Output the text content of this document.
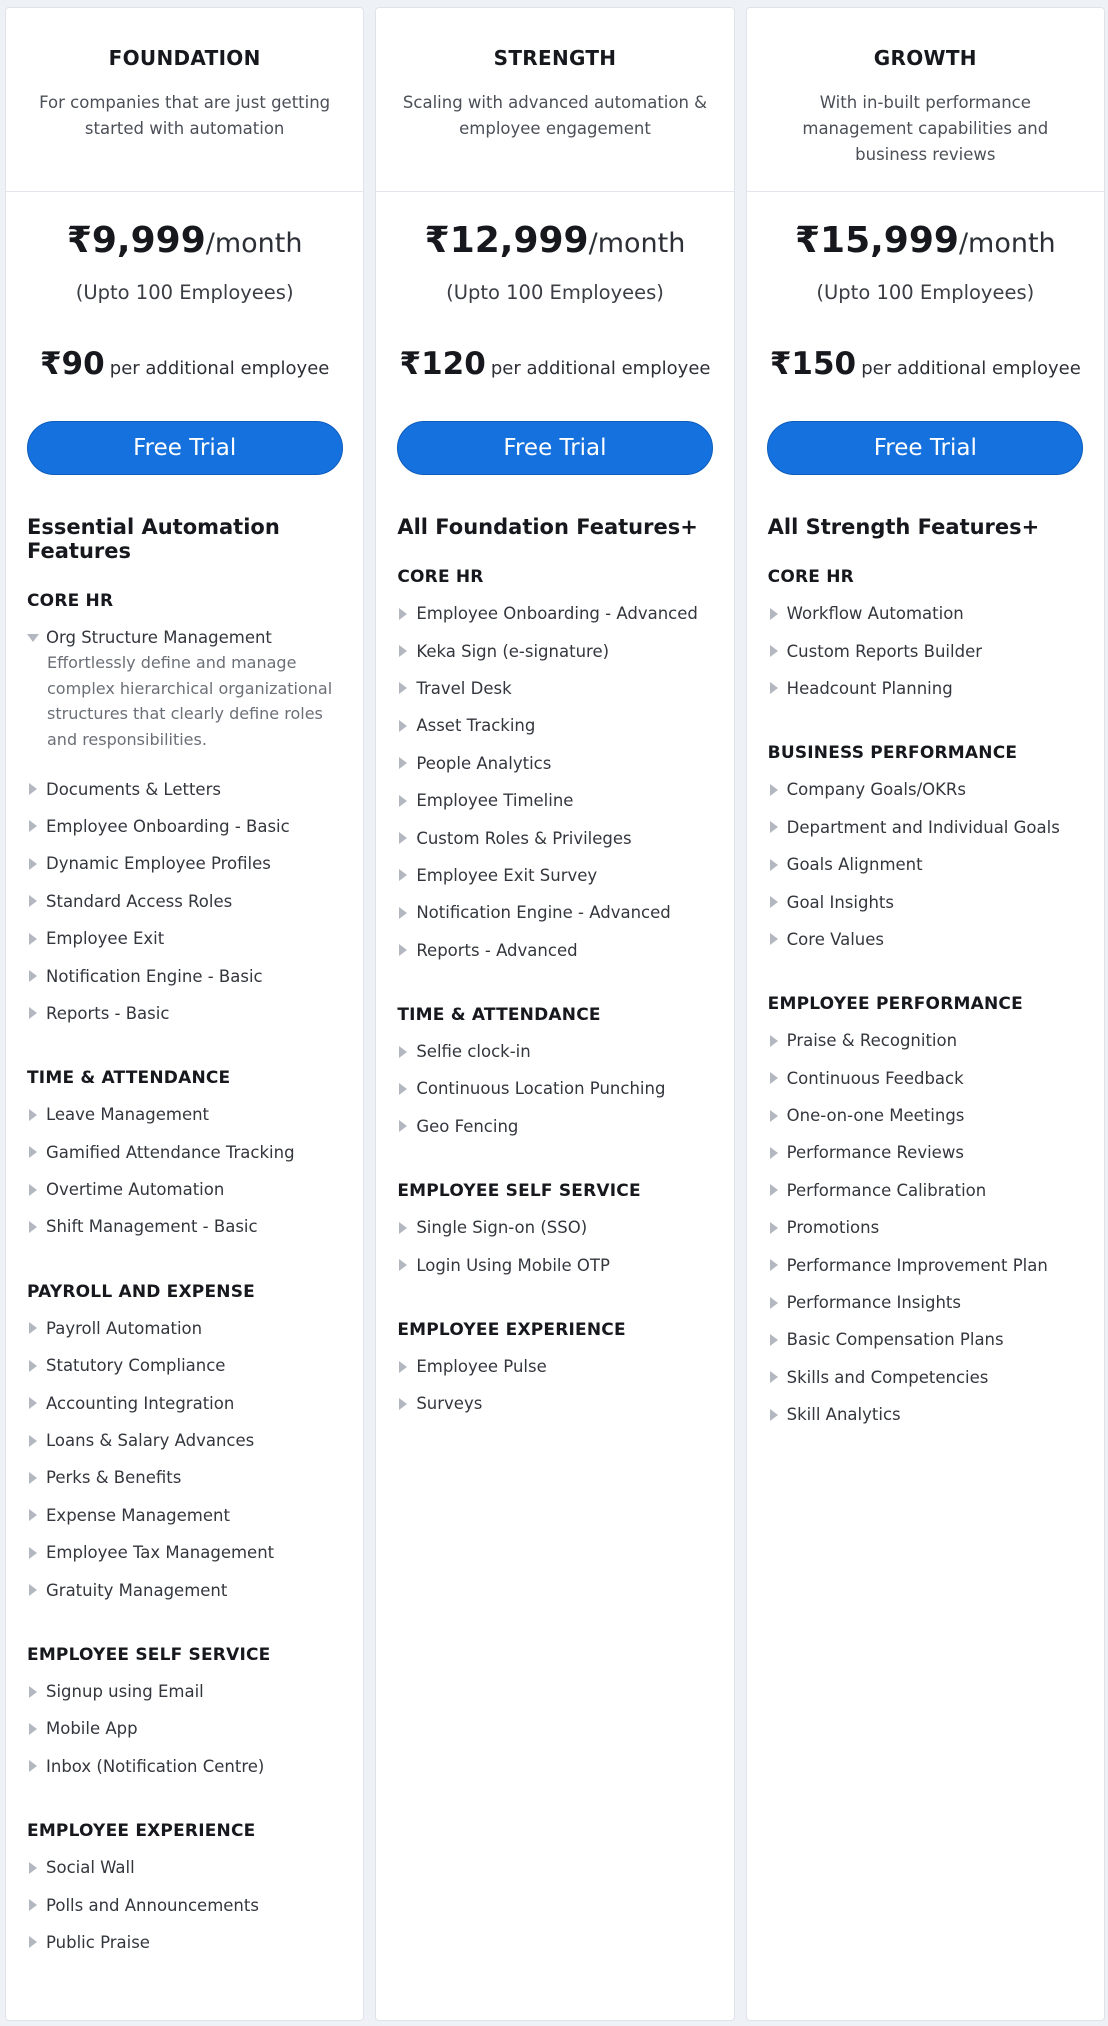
FOUNDATION
For companies that are just getting started with automation
₹9,999/month
(Upto 100 Employees)
₹90 per additional employee
Free Trial
Essential Automation Features
CORE HR
Org Structure Management
Effortlessly define and manage complex hierarchical organizational structures that clearly define roles and responsibilities.
Documents & Letters
Employee Onboarding - Basic
Dynamic Employee Profiles
Standard Access Roles
Employee Exit
Notification Engine - Basic
Reports - Basic
TIME & ATTENDANCE
Leave Management
Gamified Attendance Tracking
Overtime Automation
Shift Management - Basic
PAYROLL AND EXPENSE
Payroll Automation
Statutory Compliance
Accounting Integration
Loans & Salary Advances
Perks & Benefits
Expense Management
Employee Tax Management
Gratuity Management
EMPLOYEE SELF SERVICE
Signup using Email
Mobile App
Inbox (Notification Centre)
EMPLOYEE EXPERIENCE
Social Wall
Polls and Announcements
Public Praise
STRENGTH
Scaling with advanced automation & employee engagement
₹12,999/month
(Upto 100 Employees)
₹120 per additional employee
Free Trial
All Foundation Features+
CORE HR
Employee Onboarding - Advanced
Keka Sign (e-signature)
Travel Desk
Asset Tracking
People Analytics
Employee Timeline
Custom Roles & Privileges
Employee Exit Survey
Notification Engine - Advanced
Reports - Advanced
TIME & ATTENDANCE
Selfie clock-in
Continuous Location Punching
Geo Fencing
EMPLOYEE SELF SERVICE
Single Sign-on (SSO)
Login Using Mobile OTP
EMPLOYEE EXPERIENCE
Employee Pulse
Surveys
GROWTH
With in-built performance management capabilities and business reviews
₹15,999/month
(Upto 100 Employees)
₹150 per additional employee
Free Trial
All Strength Features+
CORE HR
Workflow Automation
Custom Reports Builder
Headcount Planning
BUSINESS PERFORMANCE
Company Goals/OKRs
Department and Individual Goals
Goals Alignment
Goal Insights
Core Values
EMPLOYEE PERFORMANCE
Praise & Recognition
Continuous Feedback
One-on-one Meetings
Performance Reviews
Performance Calibration
Promotions
Performance Improvement Plan
Performance Insights
Basic Compensation Plans
Skills and Competencies
Skill Analytics
